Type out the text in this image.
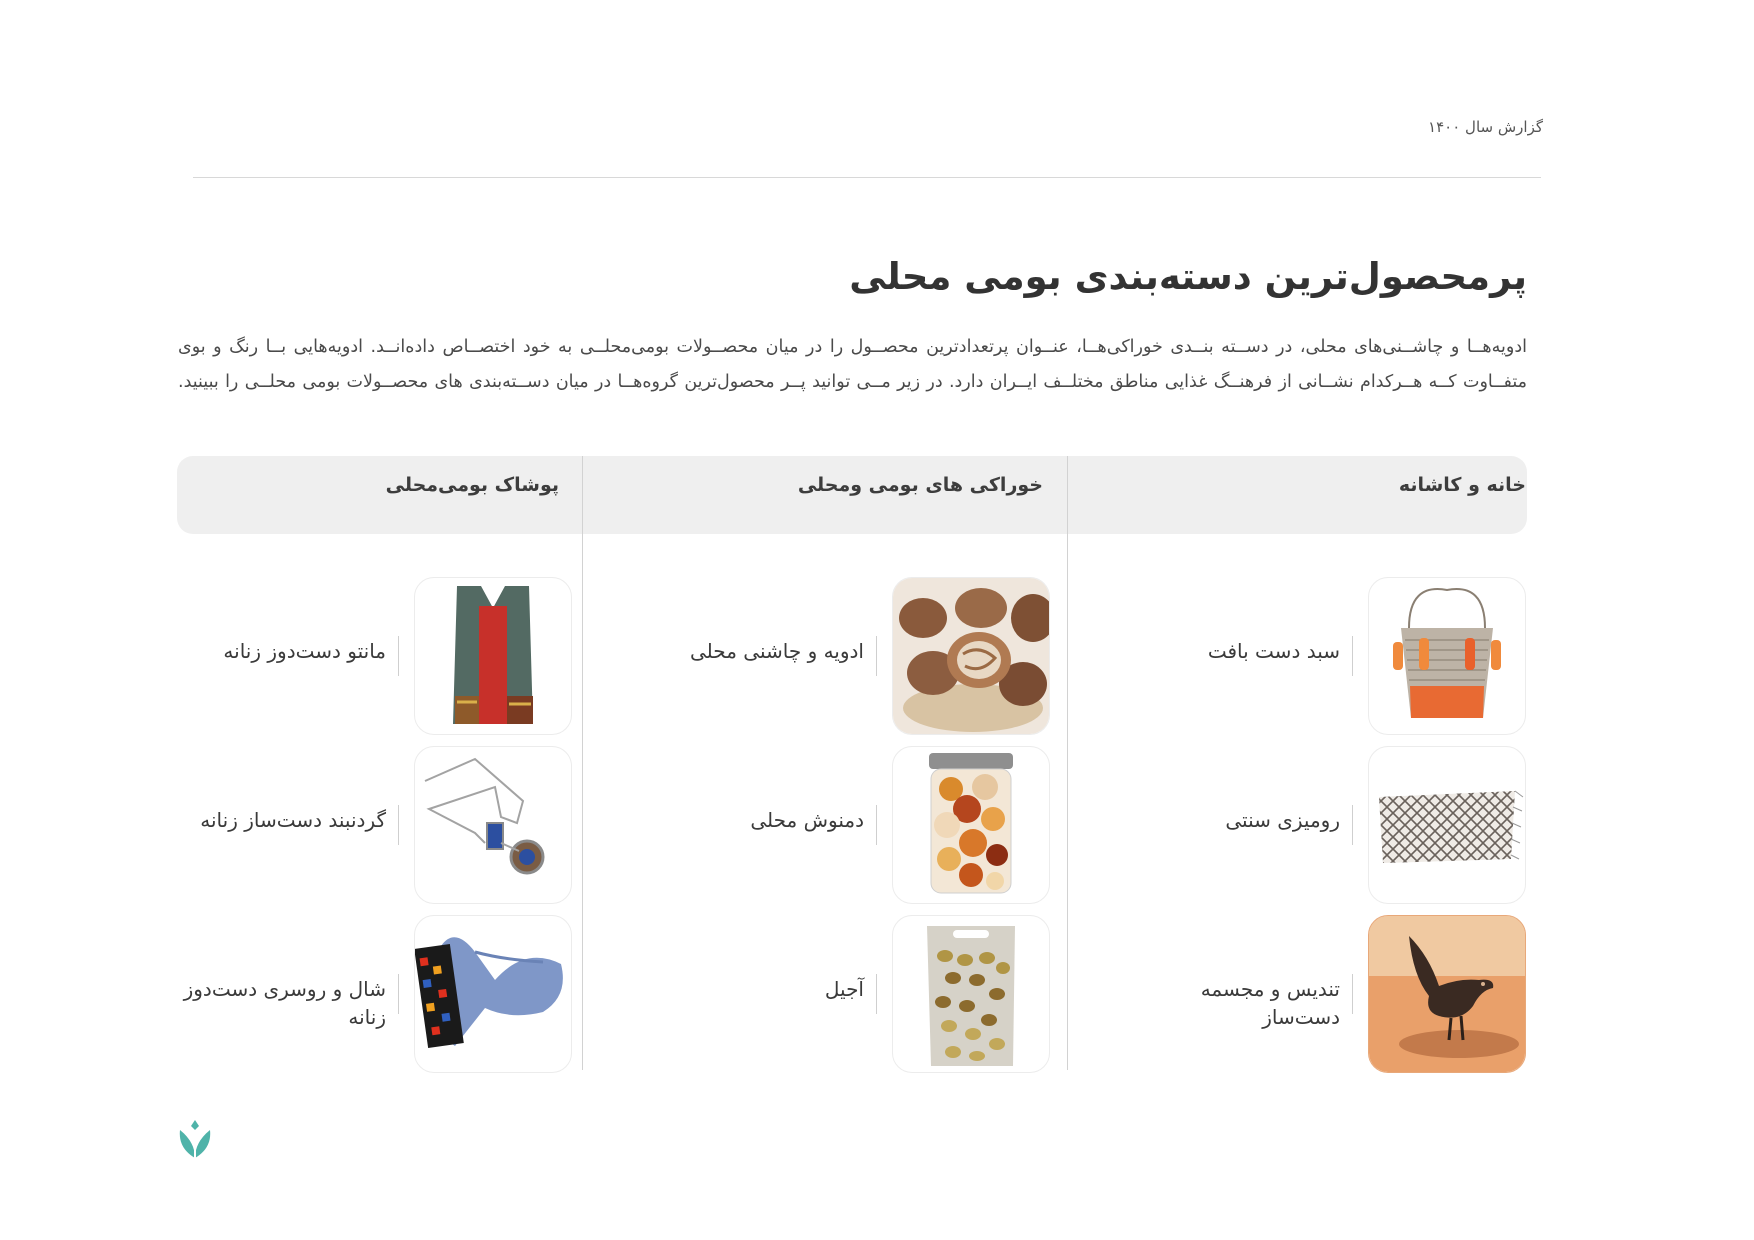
گزارش سال ۱۴۰۰
پرمحصول‌ترین دسته‌بندی بومی محلی

ادویه‌هــا و چاشــنی‌های محلی، در دســته بنــدی خوراکی‌هــا، عنــوان پرتعدادترین محصــول را در میان محصــولات بومی‌محلــی به خود اختصــاص داده‌انــد. ادویه‌هایی بــا رنگ و بوی

متفــاوت کــه هــرکدام نشــانی از فرهنــگ غذایی مناطق مختلــف ایــران دارد. در زیر مــی توانید پــر محصول‌ترین گروه‌هــا در میان دســته‌بندی های محصــولات بومی محلــی را ببینید.

خانه و کاشانه
خوراکی های بومی ومحلی
پوشاک بومی‌محلی
سبد دست بافت
رومیزی سنتی
تندیس و مجسمه دست‌ساز
ادویه و چاشنی محلی
دمنوش محلی
آجیل
مانتو دست‌دوز زنانه
گردنبند دست‌ساز زنانه
شال و روسری دست‌دوز زنانه
